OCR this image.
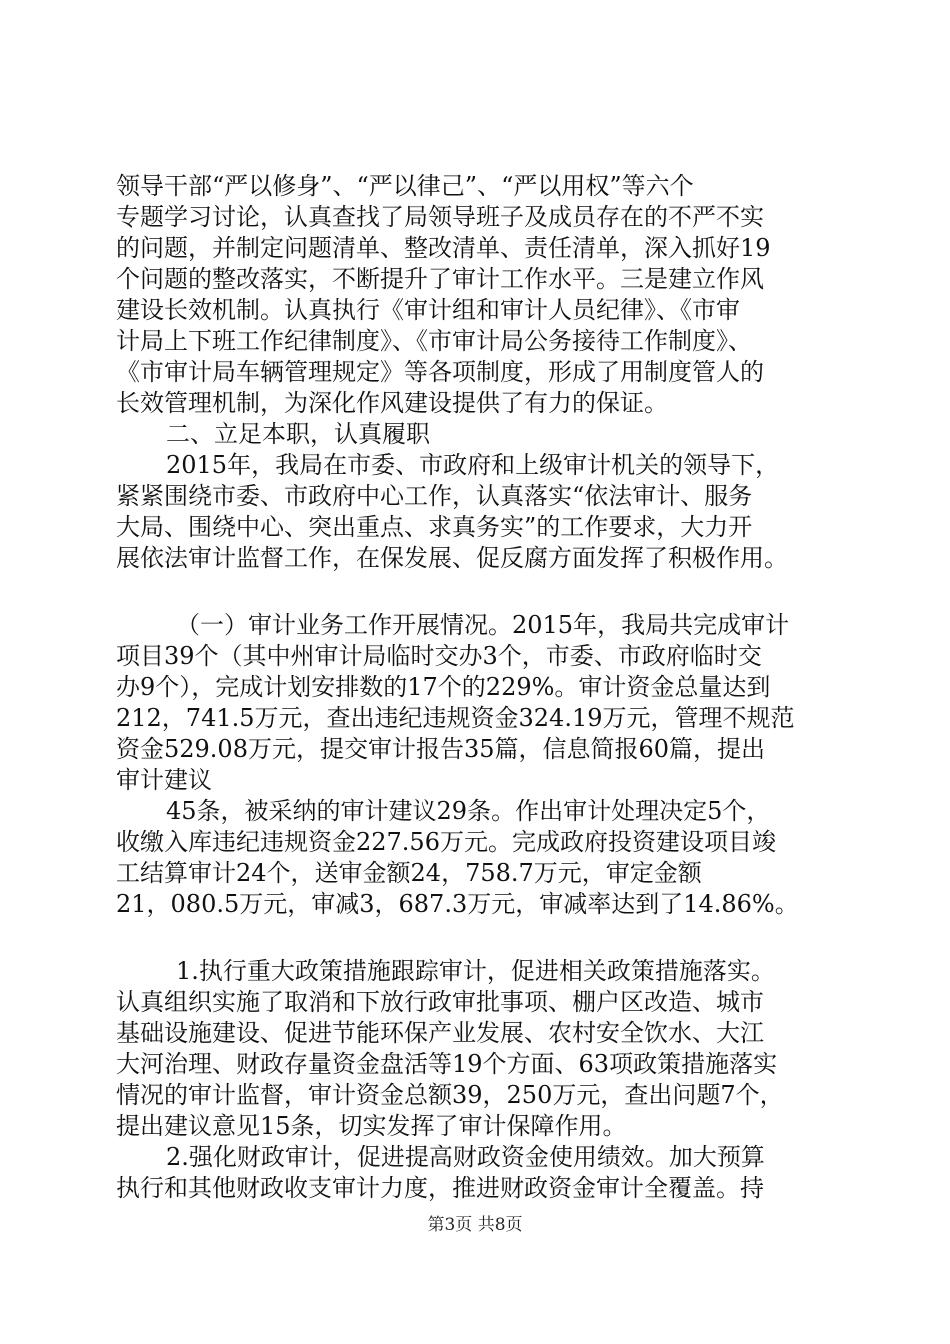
领导干部“严以修身”、“严以律己”、“严以用权”等六个
专题学习讨论，认真查找了局领导班子及成员存在的不严不实
的问题，并制定问题清单、整改清单、责任清单，深入抓好19
个问题的整改落实，不断提升了审计工作水平。三是建立作风
建设长效机制。认真执行《审计组和审计人员纪律》、《市审
计局上下班工作纪律制度》、《市审计局公务接待工作制度》、
《市审计局车辆管理规定》等各项制度，形成了用制度管人的
长效管理机制，为深化作风建设提供了有力的保证。
二、立足本职，认真履职
2015年，我局在市委、市政府和上级审计机关的领导下，
紧紧围绕市委、市政府中心工作，认真落实“依法审计、服务
大局、围绕中心、突出重点、求真务实”的工作要求，大力开
展依法审计监督工作，在保发展、促反腐方面发挥了积极作用。
（一）审计业务工作开展情况。2015年，我局共完成审计
项目39个（其中州审计局临时交办3个，市委、市政府临时交
办9个），完成计划安排数的17个的229%。审计资金总量达到
212，741.5万元，查出违纪违规资金324.19万元，管理不规范
资金529.08万元，提交审计报告35篇，信息简报60篇，提出
审计建议
45条，被采纳的审计建议29条。作出审计处理决定5个，
收缴入库违纪违规资金227.56万元。完成政府投资建设项目竣
工结算审计24个，送审金额24，758.7万元，审定金额
21，080.5万元，审减3，687.3万元，审减率达到了14.86%。
1.执行重大政策措施跟踪审计，促进相关政策措施落实。
认真组织实施了取消和下放行政审批事项、棚户区改造、城市
基础设施建设、促进节能环保产业发展、农村安全饮水、大江
大河治理、财政存量资金盘活等19个方面、63项政策措施落实
情况的审计监督，审计资金总额39，250万元，查出问题7个，
提出建议意见15条，切实发挥了审计保障作用。
2.强化财政审计，促进提高财政资金使用绩效。加大预算
执行和其他财政收支审计力度，推进财政资金审计全覆盖。持
第3页 共8页
